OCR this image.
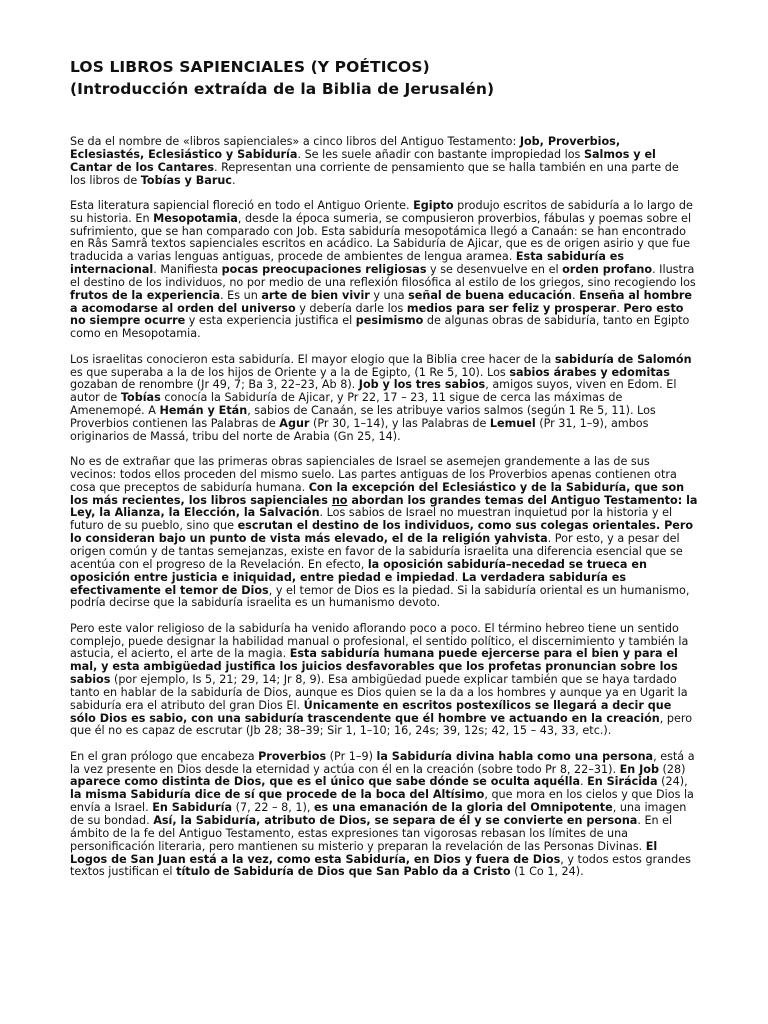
LOS LIBROS SAPIENCIALES (Y POÉTICOS)
(Introducción extraída de la Biblia de Jerusalén)

Se da el nombre de «libros sapienciales» a cinco libros del Antiguo Testamento: Job, Proverbios, Eclesiastés, Eclesiástico y Sabiduría. Se les suele añadir con bastante impropiedad los Salmos y el Cantar de los Cantares. Representan una corriente de pensamiento que se halla también en una parte de los libros de Tobías y Baruc.

Esta literatura sapiencial floreció en todo el Antiguo Oriente. Egipto produjo escritos de sabiduría a lo largo de su historia. En Mesopotamia, desde la época sumeria, se compusieron proverbios, fábulas y poemas sobre el sufrimiento, que se han comparado con Job. Esta sabiduría mesopotámica llegó a Canaán: se han encontrado en Râs Samrâ textos sapienciales escritos en acádico. La Sabiduría de Ajicar, que es de origen asirio y que fue traducida a varias lenguas antiguas, procede de ambientes de lengua aramea. Esta sabiduría es internacional. Manifiesta pocas preocupaciones religiosas y se desenvuelve en el orden profano. Ilustra el destino de los individuos, no por medio de una reflexión filosófica al estilo de los griegos, sino recogiendo los frutos de la experiencia. Es un arte de bien vivir y una señal de buena educación. Enseña al hombre a acomodarse al orden del universo y debería darle los medios para ser feliz y prosperar. Pero esto no siempre ocurre y esta experiencia justifica el pesimismo de algunas obras de sabiduría, tanto en Egipto como en Mesopotamia.

Los israelitas conocieron esta sabiduría. El mayor elogio que la Biblia cree hacer de la sabiduría de Salomón es que superaba a la de los hijos de Oriente y a la de Egipto, (1 Re 5, 10). Los sabios árabes y edomitas gozaban de renombre (Jr 49, 7; Ba 3, 22–23, Ab 8). Job y los tres sabios, amigos suyos, viven en Edom. El autor de Tobías conocía la Sabiduría de Ajicar, y Pr 22, 17 – 23, 11 sigue de cerca las máximas de Amenemopé. A Hemán y Etán, sabios de Canaán, se les atribuye varios salmos (según 1 Re 5, 11). Los Proverbios contienen las Palabras de Agur (Pr 30, 1–14), y las Palabras de Lemuel (Pr 31, 1–9), ambos originarios de Massá, tribu del norte de Arabia (Gn 25, 14).

No es de extrañar que las primeras obras sapienciales de Israel se asemejen grandemente a las de sus vecinos: todos ellos proceden del mismo suelo. Las partes antiguas de los Proverbios apenas contienen otra cosa que preceptos de sabiduría humana. Con la excepción del Eclesiástico y de la Sabiduría, que son los más recientes, los libros sapienciales no abordan los grandes temas del Antiguo Testamento: la Ley, la Alianza, la Elección, la Salvación. Los sabios de Israel no muestran inquietud por la historia y el futuro de su pueblo, sino que escrutan el destino de los individuos, como sus colegas orientales. Pero lo consideran bajo un punto de vista más elevado, el de la religión yahvista. Por esto, y a pesar del origen común y de tantas semejanzas, existe en favor de la sabiduría israelita una diferencia esencial que se acentúa con el progreso de la Revelación. En efecto, la oposición sabiduría–necedad se trueca en oposición entre justicia e iniquidad, entre piedad e impiedad. La verdadera sabiduría es efectivamente el temor de Dios, y el temor de Dios es la piedad. Si la sabiduría oriental es un humanismo, podría decirse que la sabiduría israelita es un humanismo devoto.

Pero este valor religioso de la sabiduría ha venido aflorando poco a poco. El término hebreo tiene un sentido complejo, puede designar la habilidad manual o profesional, el sentido político, el discernimiento y también la astucia, el acierto, el arte de la magia. Esta sabiduría humana puede ejercerse para el bien y para el mal, y esta ambigüedad justifica los juicios desfavorables que los profetas pronuncian sobre los sabios (por ejemplo, Is 5, 21; 29, 14; Jr 8, 9). Esa ambigüedad puede explicar también que se haya tardado tanto en hablar de la sabiduría de Dios, aunque es Dios quien se la da a los hombres y aunque ya en Ugarit la sabiduría era el atributo del gran Dios El. Únicamente en escritos postexílicos se llegará a decir que sólo Dios es sabio, con una sabiduría trascendente que él hombre ve actuando en la creación, pero que él no es capaz de escrutar (Jb 28; 38–39; Sir 1, 1–10; 16, 24s; 39, 12s; 42, 15 – 43, 33, etc.).

En el gran prólogo que encabeza Proverbios (Pr 1–9) la Sabiduría divina habla como una persona, está a la vez presente en Dios desde la eternidad y actúa con él en la creación (sobre todo Pr 8, 22–31). En Job (28) aparece como distinta de Dios, que es el único que sabe dónde se oculta aquélla. En Sirácida (24), la misma Sabiduría dice de sí que procede de la boca del Altísimo, que mora en los cielos y que Dios la envía a Israel. En Sabiduría (7, 22 – 8, 1), es una emanación de la gloria del Omnipotente, una imagen de su bondad. Así, la Sabiduría, atributo de Dios, se separa de él y se convierte en persona. En el ámbito de la fe del Antiguo Testamento, estas expresiones tan vigorosas rebasan los límites de una personificación literaria, pero mantienen su misterio y preparan la revelación de las Personas Divinas. El Logos de San Juan está a la vez, como esta Sabiduría, en Dios y fuera de Dios, y todos estos grandes textos justifican el título de Sabiduría de Dios que San Pablo da a Cristo (1 Co 1, 24).
